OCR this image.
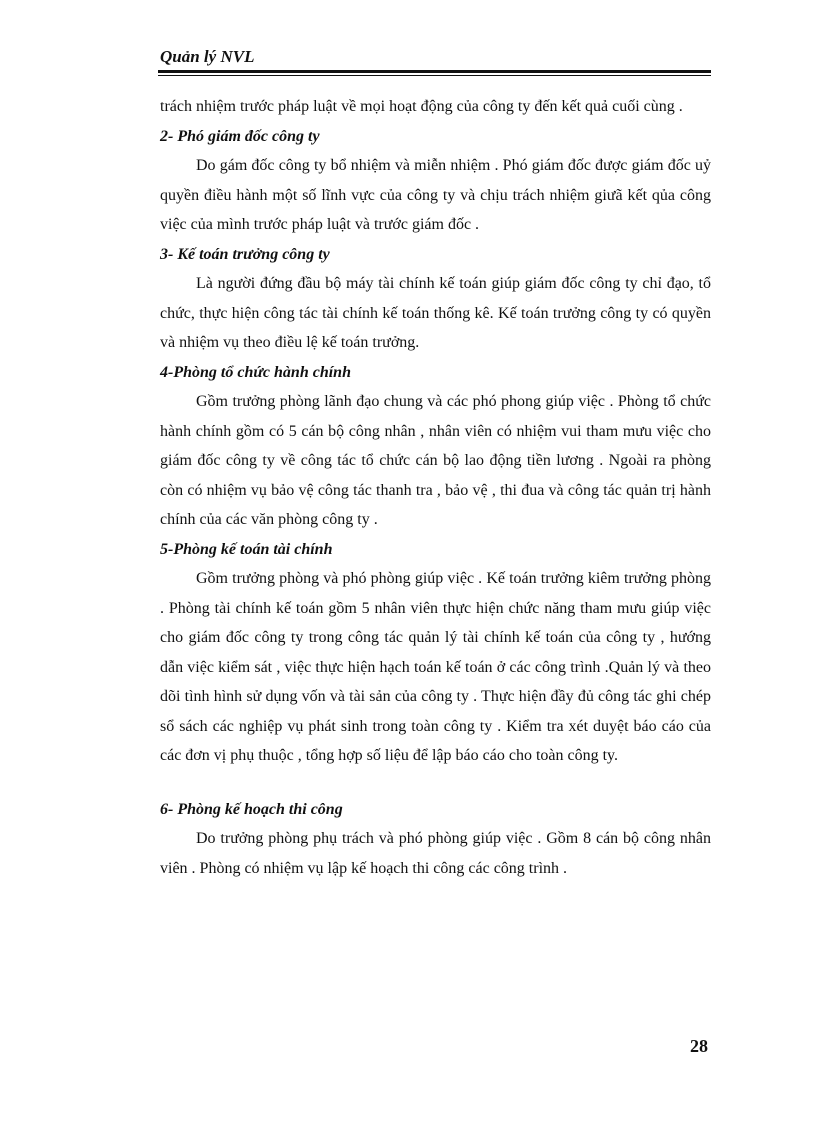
Quản lý NVL

trách nhiệm trước pháp luật về mọi hoạt động của công ty đến kết quả cuối cùng .

2- Phó giám đốc công ty

Do gám đốc công ty bổ nhiệm và miễn nhiệm . Phó giám đốc được giám đốc uỷ quyền điều hành một số lĩnh vực của công ty và chịu trách nhiệm giưã kết qủa công việc của mình trước pháp luật và trước giám đốc .

3- Kế toán trưởng công ty

Là người đứng đầu bộ máy tài chính kế toán giúp giám đốc công ty chỉ đạo, tổ chức, thực hiện công tác tài chính kế toán thống kê. Kế toán trưởng công ty có quyền và nhiệm vụ theo điều lệ kế toán trưởng.

4-Phòng tổ chức hành chính

Gồm trưởng phòng lãnh đạo chung và các phó phong giúp việc . Phòng tổ chức hành chính gồm có 5 cán bộ công nhân , nhân viên có nhiệm vui tham mưu việc cho giám đốc công ty về công tác tổ chức cán bộ lao động tiền lương . Ngoài ra phòng còn có nhiệm vụ bảo vệ công tác thanh tra , bảo vệ , thi đua và công tác quản trị hành chính của các văn phòng công ty .

5-Phòng kế toán tài chính

Gồm trưởng phòng và phó phòng giúp việc . Kế toán trưởng kiêm trưởng phòng . Phòng tài chính kế toán gồm 5 nhân viên thực hiện chức năng tham mưu giúp việc cho giám đốc công ty trong công tác quản lý tài chính kế toán của công ty , hướng dẫn việc kiểm sát , việc thực hiện hạch toán kế toán ở các công trình .Quản lý và theo dõi tình hình sử dụng vốn và tài sản của công ty . Thực hiện đầy đủ công tác ghi chép sổ sách các nghiệp vụ phát sinh trong toàn công ty . Kiểm tra xét duyệt báo cáo của các đơn vị phụ thuộc , tổng hợp số liệu để lập báo cáo cho toàn công ty.

6- Phòng kế hoạch thi công

Do trưởng phòng phụ trách và phó phòng giúp việc . Gồm 8 cán bộ công nhân viên . Phòng có nhiệm vụ lập kế hoạch thi công các công trình .

28
